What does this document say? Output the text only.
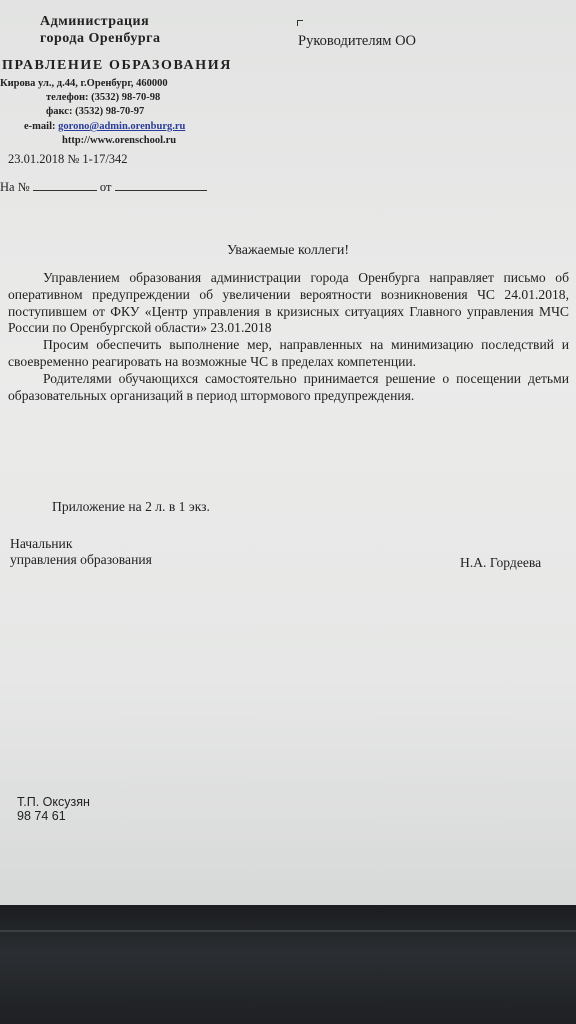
Администрация
города Оренбурга
ПРАВЛЕНИЕ ОБРАЗОВАНИЯ
Кирова ул., д.44, г.Оренбург, 460000
телефон: (3532) 98-70-98
факс: (3532) 98-70-97
e-mail: gorono@admin.orenburg.ru
http://www.orenschool.ru
23.01.2018 № 1-17/342
На №	от
Руководителям ОО
Уважаемые коллеги!

Управлением образования администрации города Оренбурга направляет письмо об оперативном предупреждении об увеличении вероятности возникновения ЧС 24.01.2018, поступившем от ФКУ «Центр управления в кризисных ситуациях Главного управления МЧС России по Оренбургской области» 23.01.2018

Просим обеспечить выполнение мер, направленных на минимизацию последствий и своевременно реагировать на возможные ЧС в пределах компетенции.

Родителями обучающихся самостоятельно принимается решение о посещении детьми образовательных организаций в период штормового предупреждения.

Приложение на 2 л. в 1 экз.
Начальник
управления образования	Н.А. Гордеева
Т.П. Оксузян
98 74 61
